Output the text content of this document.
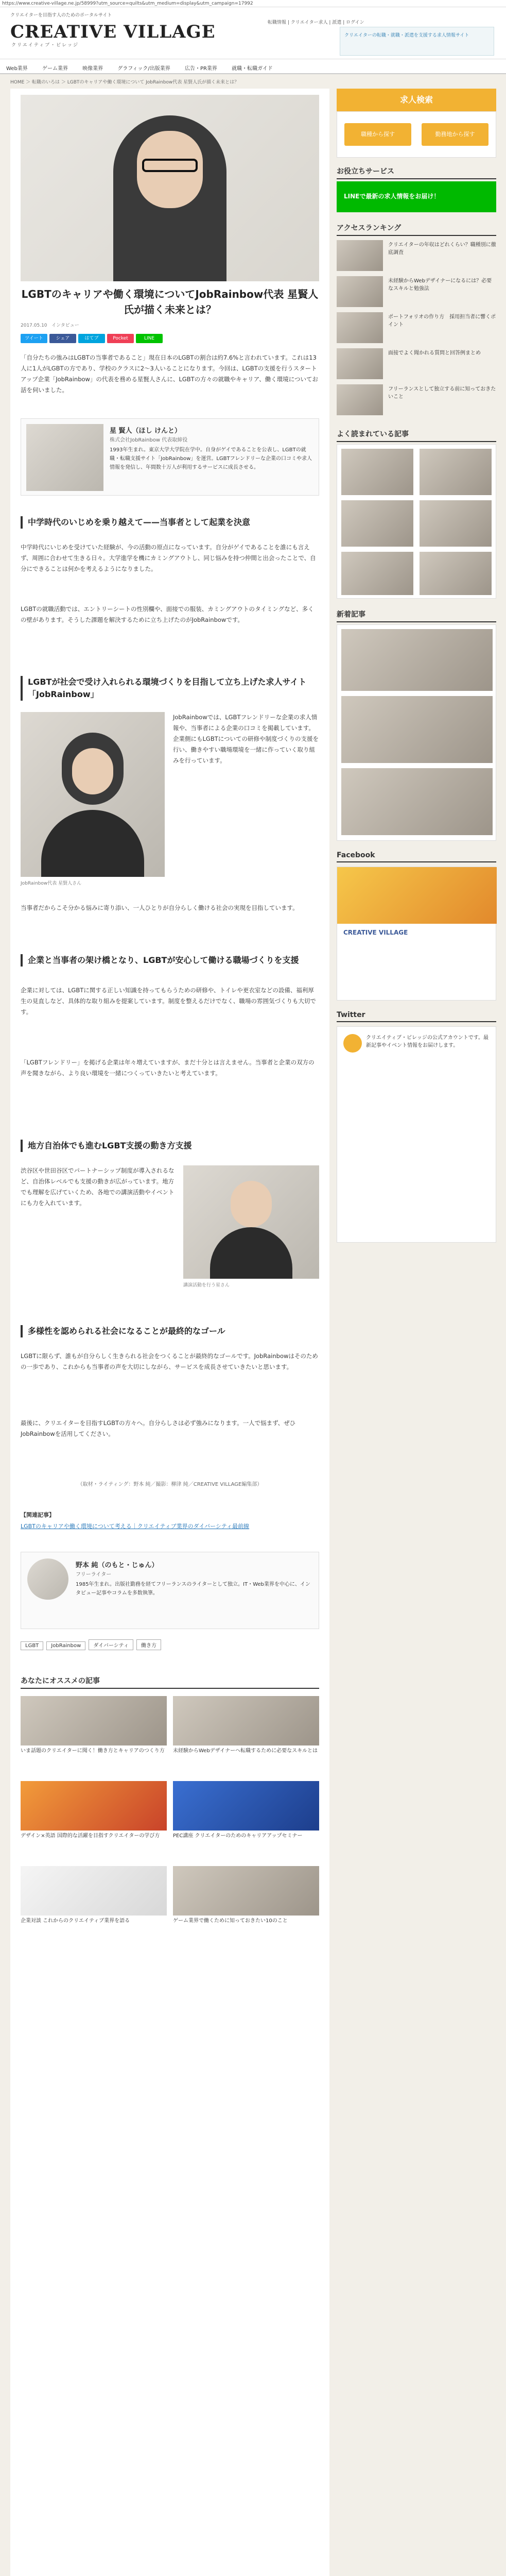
https://www.creative-village.ne.jp/58999?utm_source=quilts&utm_medium=display&utm_campaign=17992
クリエイターを目指す人のためのポータルサイト
CREATIVE VILLAGE
クリエイティブ・ビレッジ
転職情報 | クリエイター求人 | 派遣 | ログイン
クリエイターの転職・就職・派遣を支援する求人情報サイト
Web業界	ゲーム業界	映像業界	グラフィック/出版業界	広告・PR業界	就職・転職ガイド
HOME ＞ 転職のいろは ＞ LGBTのキャリアや働く環境について JobRainbow代表 星賢人氏が描く未来とは？
LGBTのキャリアや働く環境についてJobRainbow代表 星賢人氏が描く未来とは？
2017.05.10 インタビュー
ツイート	シェア	はてブ	Pocket	LINE

「自分たちの強みはLGBTの当事者であること」現在日本のLGBTの割合は約7.6%と言われています。これは13人に1人がLGBTの方であり、学校のクラスに2〜3人いることになります。今回は、LGBTの支援を行うスタートアップ企業「JobRainbow」の代表を務める星賢人さんに、LGBTの方々の就職やキャリア、働く環境についてお話を伺いました。

星 賢人（ほし けんと）
株式会社JobRainbow 代表取締役
1993年生まれ。東京大学大学院在学中。自身がゲイであることを公表し、LGBTの就職・転職支援サイト「JobRainbow」を運営。LGBTフレンドリーな企業の口コミや求人情報を発信し、年間数十万人が利用するサービスに成長させる。
中学時代のいじめを乗り越えて——当事者として起業を決意

中学時代にいじめを受けていた経験が、今の活動の原点になっています。自分がゲイであることを誰にも言えず、周囲に合わせて生きる日々。大学進学を機にカミングアウトし、同じ悩みを持つ仲間と出会ったことで、自分にできることは何かを考えるようになりました。

LGBTの就職活動では、エントリーシートの性別欄や、面接での服装、カミングアウトのタイミングなど、多くの壁があります。そうした課題を解決するために立ち上げたのがJobRainbowです。

LGBTが社会で受け入れられる環境づくりを目指して立ち上げた求人サイト「JobRainbow」

JobRainbowでは、LGBTフレンドリーな企業の求人情報や、当事者による企業の口コミを掲載しています。企業側にもLGBTについての研修や制度づくりの支援を行い、働きやすい職場環境を一緒に作っていく取り組みを行っています。

JobRainbow代表 星賢人さん

当事者だからこそ分かる悩みに寄り添い、一人ひとりが自分らしく働ける社会の実現を目指しています。

企業と当事者の架け橋となり、LGBTが安心して働ける職場づくりを支援

企業に対しては、LGBTに関する正しい知識を持ってもらうための研修や、トイレや更衣室などの設備、福利厚生の見直しなど、具体的な取り組みを提案しています。制度を整えるだけでなく、職場の雰囲気づくりも大切です。

「LGBTフレンドリー」を掲げる企業は年々増えていますが、まだ十分とは言えません。当事者と企業の双方の声を聞きながら、より良い環境を一緒につくっていきたいと考えています。

地方自治体でも進むLGBT支援の動き方支援

渋谷区や世田谷区でパートナーシップ制度が導入されるなど、自治体レベルでも支援の動きが広がっています。地方でも理解を広げていくため、各地での講演活動やイベントにも力を入れています。

講演活動を行う星さん
多様性を認められる社会になることが最終的なゴール

LGBTに限らず、誰もが自分らしく生きられる社会をつくることが最終的なゴールです。JobRainbowはそのための一歩であり、これからも当事者の声を大切にしながら、サービスを成長させていきたいと思います。

最後に、クリエイターを目指すLGBTの方々へ。自分らしさは必ず強みになります。一人で悩まず、ぜひJobRainbowを活用してください。

（取材・ライティング：野本 純／撮影：柳津 純／CREATIVE VILLAGE編集部）
【関連記事】
LGBTのキャリアや働く環境について考える｜クリエイティブ業界のダイバーシティ最前線
野本 純（のもと・じゅん）
フリーライター
1985年生まれ。出版社勤務を経てフリーランスのライターとして独立。IT・Web業界を中心に、インタビュー記事やコラムを多数執筆。
LGBT JobRainbow ダイバーシティ 働き方
あなたにオススメの記事
いま話題のクリエイターに聞く！働き方とキャリアのつくり方	未経験からWebデザイナーへ転職するために必要なスキルとは
デザイン×英語 国際的な活躍を目指すクリエイターの学び方	PEC講座 クリエイターのためのキャリアアップセミナー
企業対談 これからのクリエイティブ業界を語る	ゲーム業界で働くために知っておきたい10のこと
求人検索
職種から探す	勤務地から探す
お役立ちサービス
LINEで最新の求人情報をお届け！
アクセスランキング
クリエイターの年収はどれくらい？職種別に徹底調査
未経験からWebデザイナーになるには？必要なスキルと勉強法
ポートフォリオの作り方　採用担当者に響くポイント
面接でよく聞かれる質問と回答例まとめ
フリーランスとして独立する前に知っておきたいこと
よく読まれている記事
新着記事
Facebook
CREATIVE VILLAGE
Twitter
クリエイティブ・ビレッジの公式アカウントです。最新記事やイベント情報をお届けします。
